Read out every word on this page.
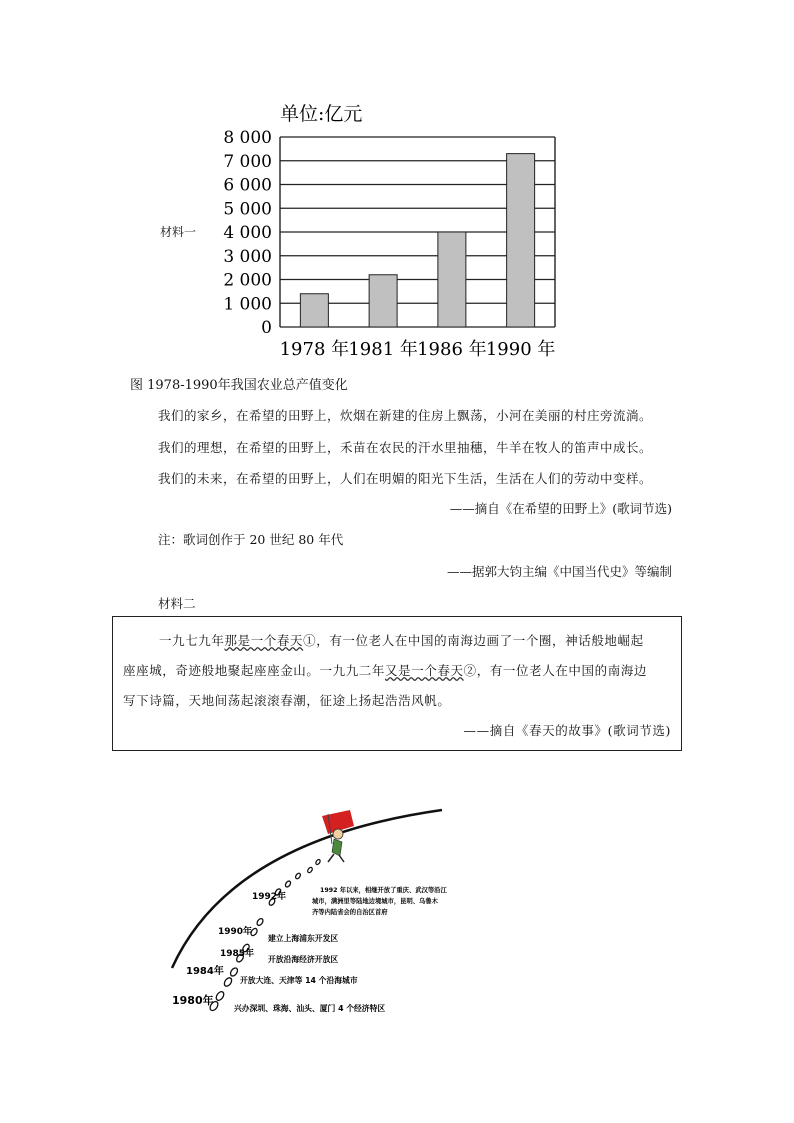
单位:亿元
0
1 000
2 000
3 000
4 000
5 000
6 000
7 000
8 000
1978 年 1981 年 1986 年 1990 年
材料一
图 1978-1990年我国农业总产值变化
我们的家乡，在希望的田野上，炊烟在新建的住房上飘荡，小河在美丽的村庄旁流淌。
我们的理想，在希望的田野上，禾苗在农民的汗水里抽穗，牛羊在牧人的笛声中成长。
我们的未来，在希望的田野上，人们在明媚的阳光下生活，生活在人们的劳动中变样。
——摘自《在希望的田野上》(歌词节选)
注：歌词创作于 20 世纪 80 年代
——据郭大钧主编《中国当代史》等编制
材料二

一九七九年那是一个春天①，有一位老人在中国的南海边画了一个圈，神话般地崛起

座座城，奇迹般地聚起座座金山。一九九二年又是一个春天②，有一位老人在中国的南海边

写下诗篇，天地间荡起滚滚春潮，征途上扬起浩浩风帆。

——摘自《春天的故事》(歌词节选)

1992年
1992 年以来，相继开放了重庆、武汉等沿江
城市，满洲里等陆地边境城市，昆明、乌鲁木
齐等内陆省会的自治区首府
1990年
建立上海浦东开发区
1985年
开放沿海经济开放区
1984年
开放大连、天津等 14 个沿海城市
1980年
兴办深圳、珠海、汕头、厦门 4 个经济特区
